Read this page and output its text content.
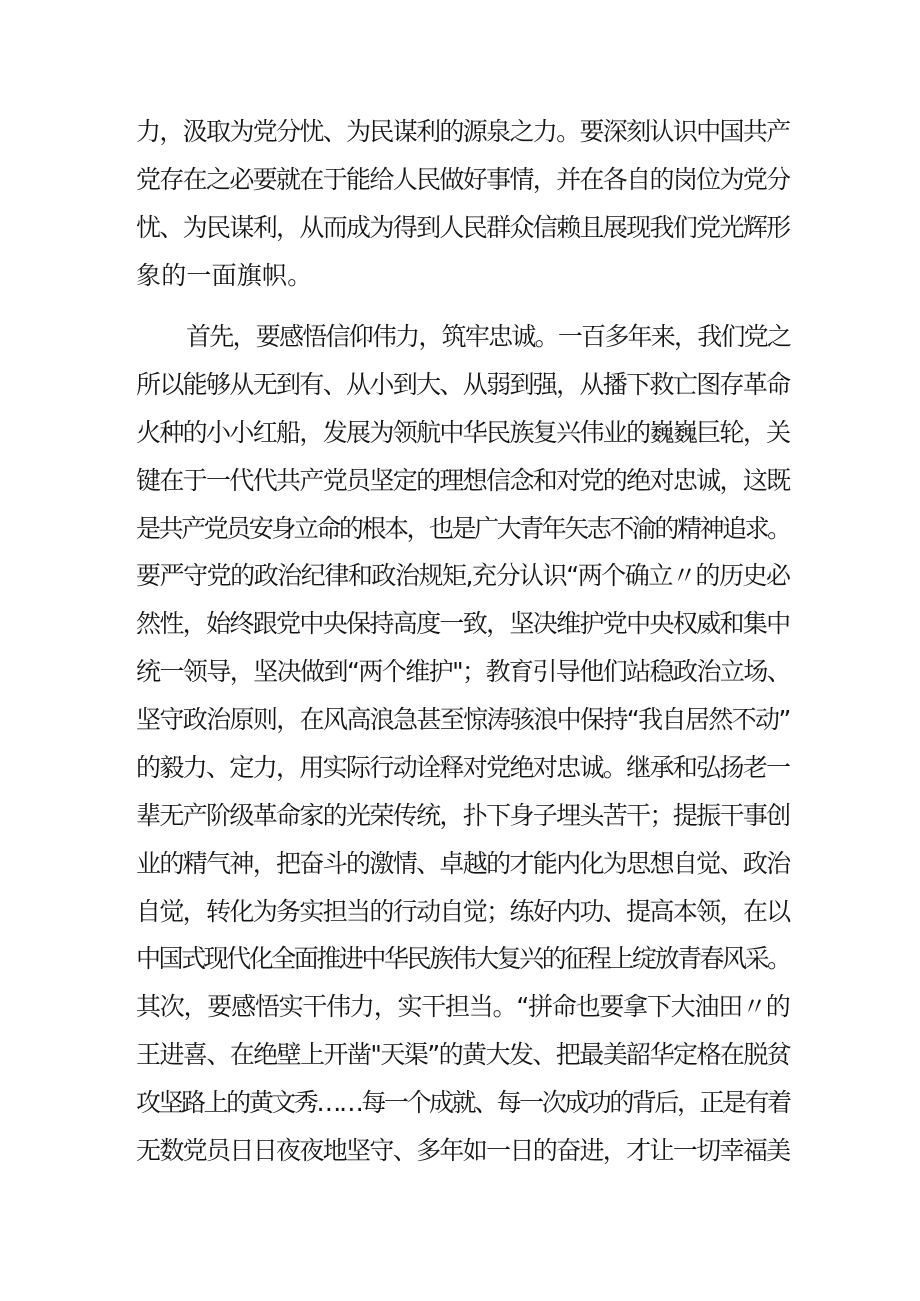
力，汲取为党分忧、为民谋利的源泉之力。要深刻认识中国共产
党存在之必要就在于能给人民做好事情，并在各自的岗位为党分
忧、为民谋利，从而成为得到人民群众信赖且展现我们党光辉形
象的一面旗帜。
首先，要感悟信仰伟力，筑牢忠诚。一百多年来，我们党之
所以能够从无到有、从小到大、从弱到强，从播下救亡图存革命
火种的小小红船，发展为领航中华民族复兴伟业的巍巍巨轮，关
键在于一代代共产党员坚定的理想信念和对党的绝对忠诚，这既
是共产党员安身立命的根本，也是广大青年矢志不渝的精神追求。
要严守党的政治纪律和政治规矩,充分认识“两个确立〃的历史必
然性，始终跟党中央保持高度一致，坚决维护党中央权威和集中
统一领导，坚决做到“两个维护"；教育引导他们站稳政治立场、
坚守政治原则，在风高浪急甚至惊涛骇浪中保持“我自居然不动”
的毅力、定力，用实际行动诠释对党绝对忠诚。继承和弘扬老一
辈无产阶级革命家的光荣传统，扑下身子埋头苦干；提振干事创
业的精气神，把奋斗的激情、卓越的才能内化为思想自觉、政治
自觉，转化为务实担当的行动自觉；练好内功、提高本领，在以
中国式现代化全面推进中华民族伟大复兴的征程上绽放青春风采。
其次，要感悟实干伟力，实干担当。“拼命也要拿下大油田〃的
王进喜、在绝壁上开凿"天渠”的黄大发、把最美韶华定格在脱贫
攻坚路上的黄文秀……每一个成就、每一次成功的背后，正是有着
无数党员日日夜夜地坚守、多年如一日的奋进，才让一切幸福美
